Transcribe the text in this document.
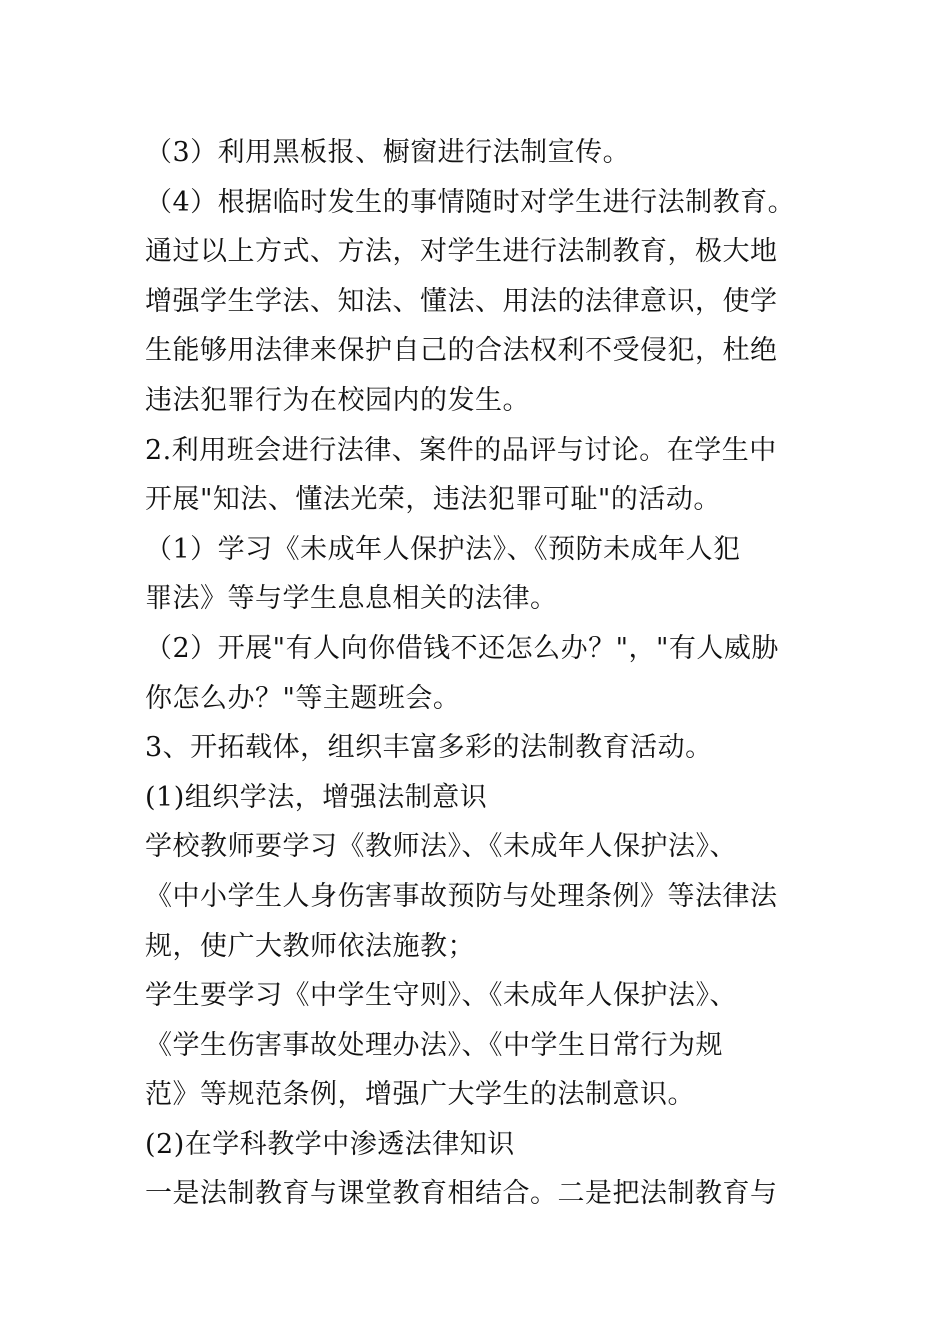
（3）利用黑板报、橱窗进行法制宣传。
（4）根据临时发生的事情随时对学生进行法制教育。
通过以上方式、方法，对学生进行法制教育，极大地
增强学生学法、知法、懂法、用法的法律意识，使学
生能够用法律来保护自己的合法权利不受侵犯，杜绝
违法犯罪行为在校园内的发生。
2.利用班会进行法律、案件的品评与讨论。在学生中
开展"知法、懂法光荣，违法犯罪可耻"的活动。
（1）学习《未成年人保护法》、《预防未成年人犯
罪法》等与学生息息相关的法律。
（2）开展"有人向你借钱不还怎么办？"，"有人威胁
你怎么办？"等主题班会。
3、开拓载体，组织丰富多彩的法制教育活动。
(1)组织学法，增强法制意识
学校教师要学习《教师法》、《未成年人保护法》、
《中小学生人身伤害事故预防与处理条例》等法律法
规，使广大教师依法施教；
学生要学习《中学生守则》、《未成年人保护法》、
《学生伤害事故处理办法》、《中学生日常行为规
范》等规范条例，增强广大学生的法制意识。
(2)在学科教学中渗透法律知识
一是法制教育与课堂教育相结合。二是把法制教育与
